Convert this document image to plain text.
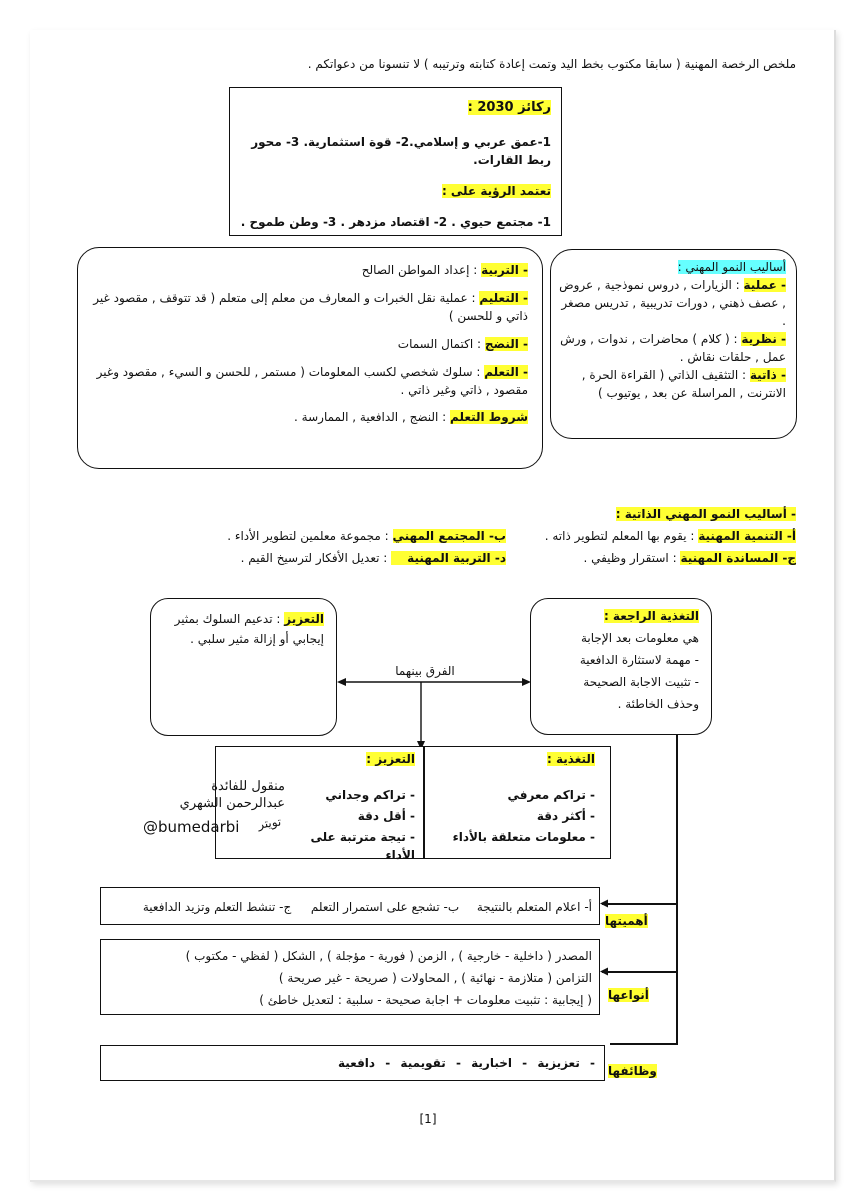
ملخص الرخصة المهنية ( سابقا مكتوب بخط اليد وتمت إعادة كتابته وترتيبه ) لا تنسونا من دعواتكم .

ركائز 2030 :

1-عمق عربي و إسلامي.2- قوة استثمارية. 3- محور ربط القارات.

تعتمد الرؤية على :

1- مجتمع حيوي . 2- اقتصاد مزدهر . 3- وطن طموح .

- التربية : إعداد المواطن الصالح

- التعليم : عملية نقل الخبرات و المعارف من معلم إلى متعلم ( قد تتوقف , مقصود غير ذاتي و للحسن )

- النضج : اكتمال السمات

- التعلم : سلوك شخصي لكسب المعلومات ( مستمر , للحسن و السيء , مقصود وغير مقصود , ذاتي وغير ذاتي .

شروط التعلم : النضج , الدافعية , الممارسة .

أساليب النمو المهني :

- عملية : الزيارات , دروس نموذجية , عروض , عصف ذهني , دورات تدريبية , تدريس مصغر .

- نظرية : ( كلام ) محاضرات , ندوات , ورش عمل , حلقات نقاش .

- ذاتية : التثقيف الذاتي ( القراءة الحرة , الانترنت , المراسلة عن بعد , يوتيوب )

- أساليب النمو المهني الذاتية :
أ- التنمية المهنية : يقوم بها المعلم لتطوير ذاته .
ج- المساندة المهنية : استقرار وظيفي .
ب- المجتمع المهني : مجموعة معلمين لتطوير الأداء .
د- التربية المهنية : تعديل الأفكار لترسيخ القيم .

التغذية الراجعة :

هي معلومات بعد الإجابة

- مهمة لاستثارة الدافعية

- تثبيت الاجابة الصحيحة

وحذف الخاطئة .

التعزيز : تدعيم السلوك بمثير إيجابي أو إزالة مثير سلبي .

الفرق بينهما

التغذية :

- تراكم معرفي

- أكثر دقة

- معلومات متعلقة بالأداء

التعزيز :

- تراكم وجداني

- أقل دقة

- تيجة مترتبة على الأداء

منقول للفائدة

عبدالرحمن الشهري

تويتر
@bumedarbi
أ- اعلام المتعلم بالنتيجة  ب- تشجع على استمرار التعلم  ج- تنشط التعلم وتزيد الدافعية
أهميتها

المصدر ( داخلية - خارجية ) , الزمن ( فورية - مؤجلة ) , الشكل ( لفظي - مكتوب )

التزامن ( متلازمة - نهائية ) , المحاولات ( صريحة - غير صريحة )

( إيجابية : تثبيت معلومات + اجابة صحيحة - سلبية : لتعديل خاطئ ) أنواعها
- تعزيزية - اخبارية - تقويمية - دافعية
وظائفها
[1]
